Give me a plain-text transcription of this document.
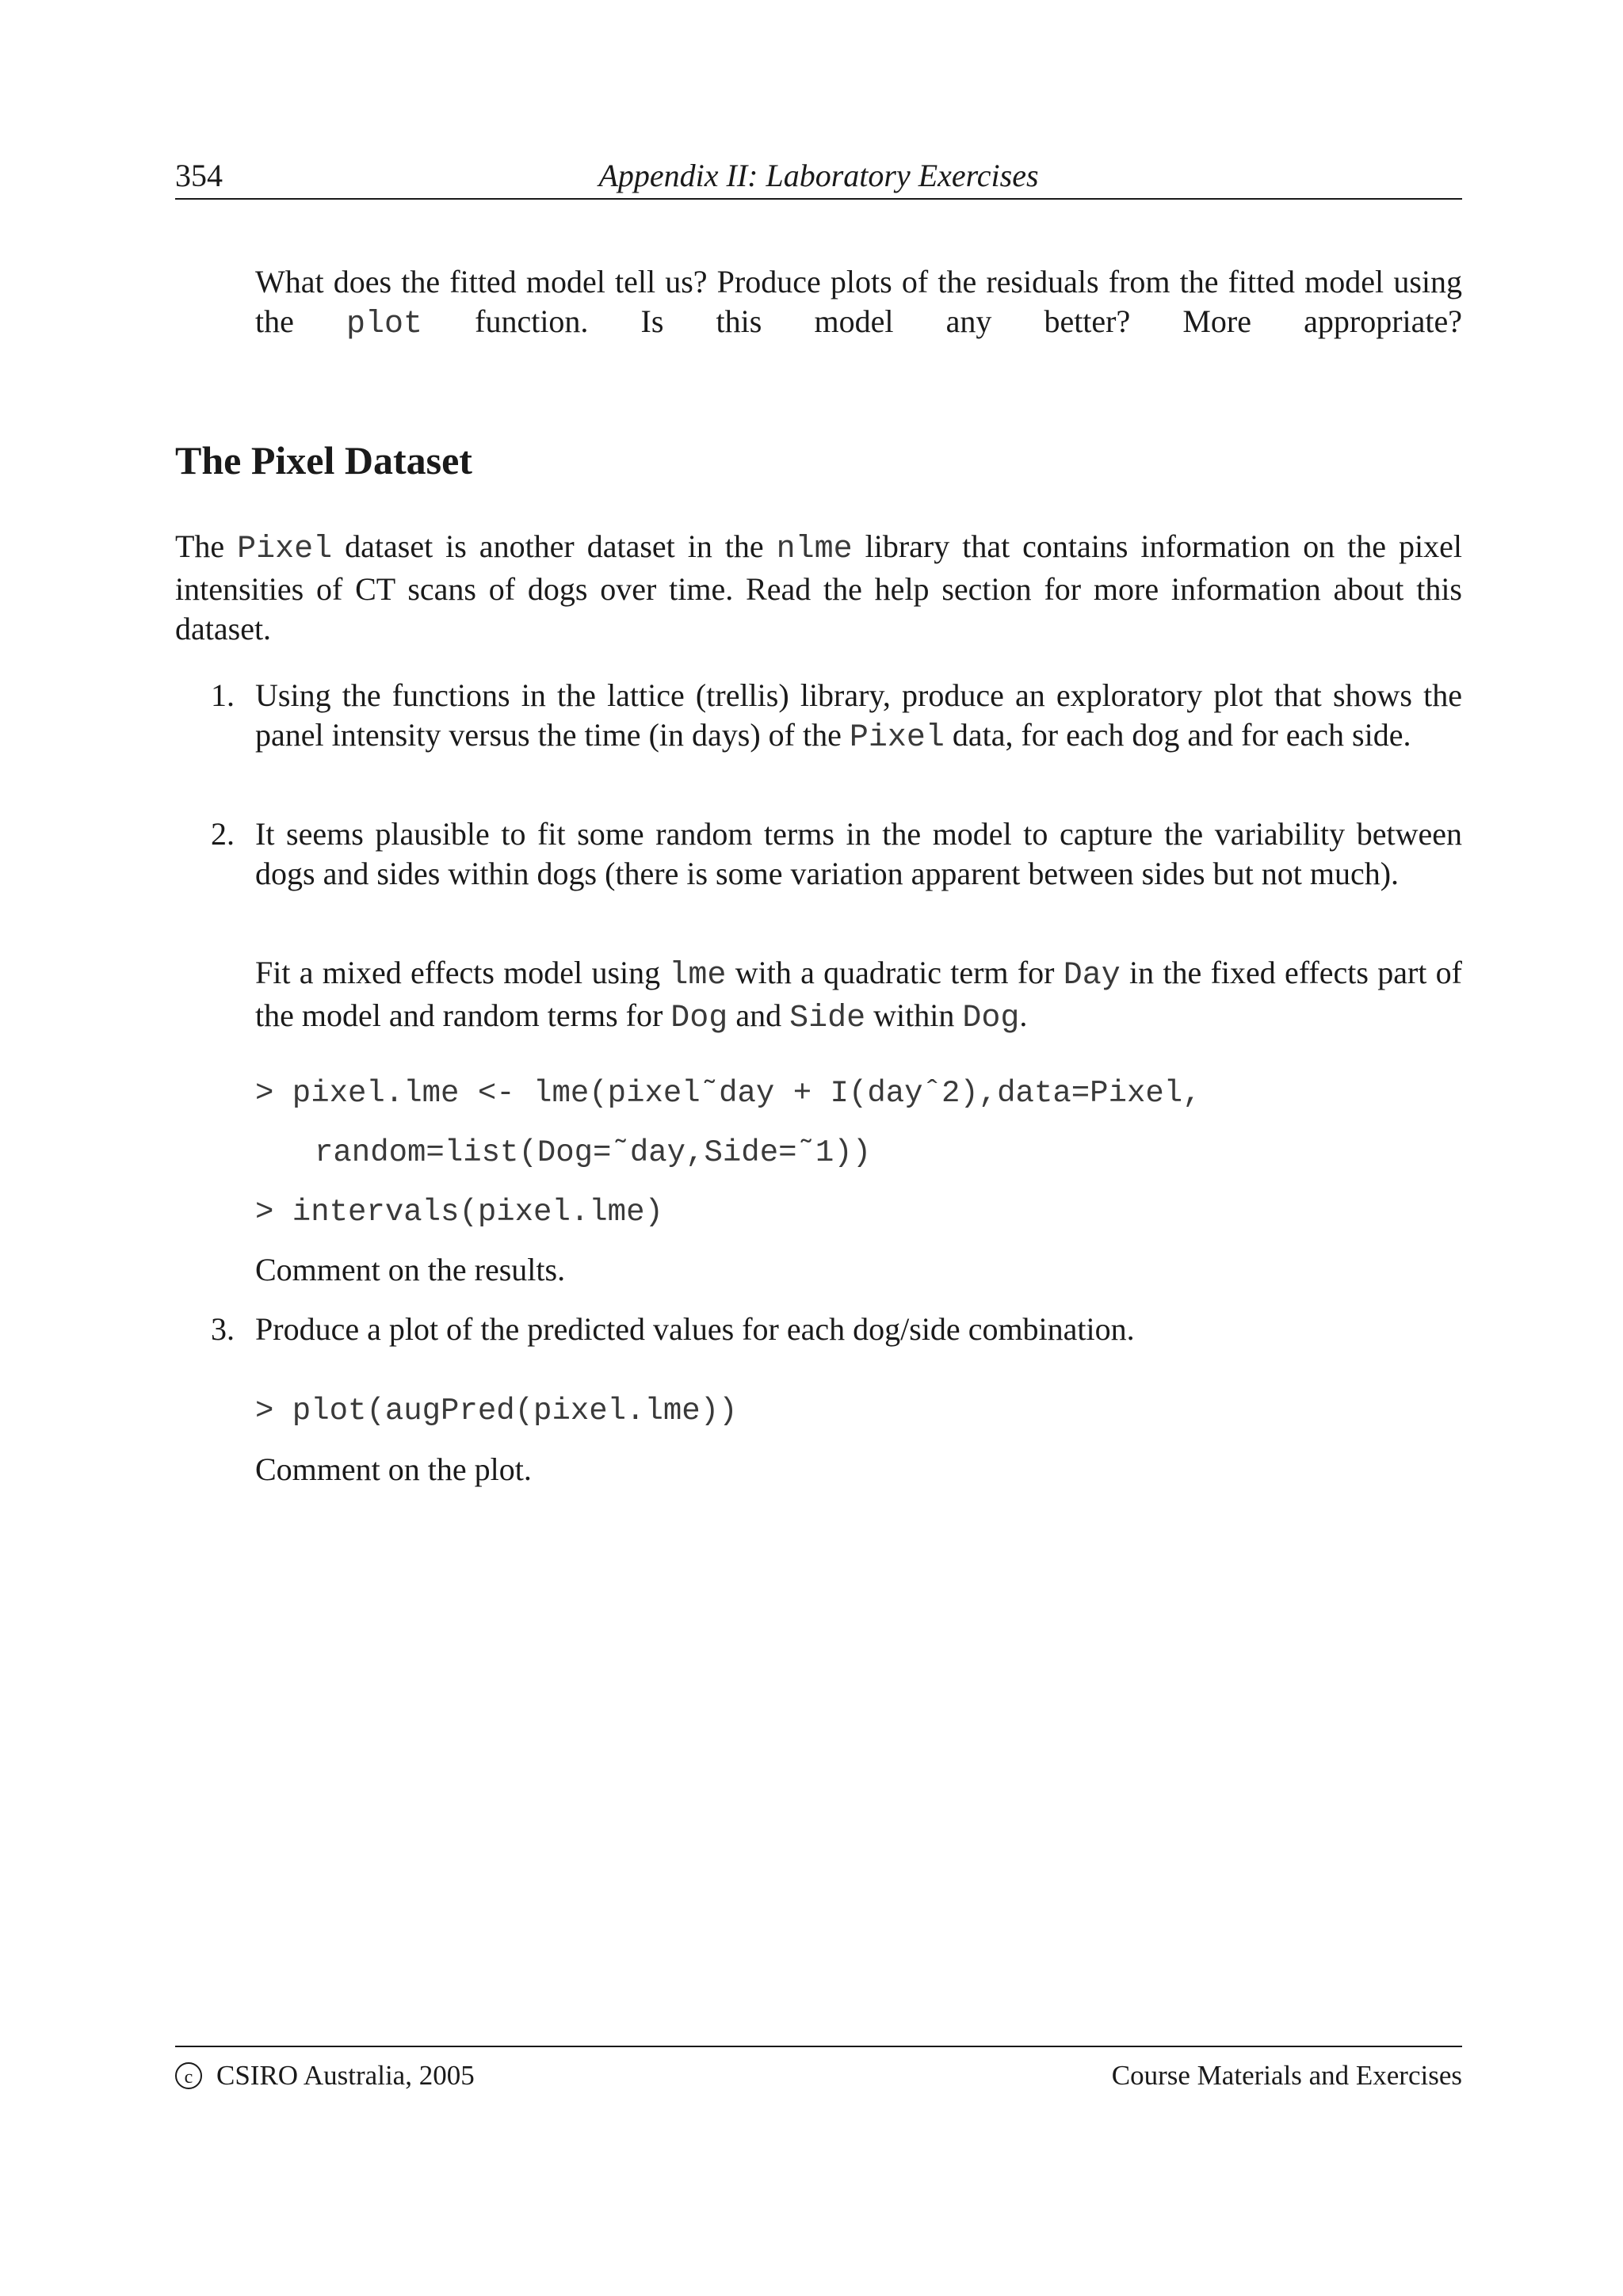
354	Appendix II: Laboratory Exercises
What does the fitted model tell us? Produce plots of the residuals from the fitted model using the plot function. Is this model any better? More appropriate?
The Pixel Dataset
The Pixel dataset is another dataset in the nlme library that contains information on the pixel intensities of CT scans of dogs over time. Read the help section for more information about this dataset.
1. Using the functions in the lattice (trellis) library, produce an exploratory plot that shows the panel intensity versus the time (in days) of the Pixel data, for each dog and for each side.
2. It seems plausible to fit some random terms in the model to capture the variability between dogs and sides within dogs (there is some variation apparent between sides but not much).
Fit a mixed effects model using lme with a quadratic term for Day in the fixed effects part of the model and random terms for Dog and Side within Dog.
> pixel.lme <- lme(pixel˜day + I(dayˆ2),data=Pixel,
random=list(Dog=˜day,Side=˜1))
> intervals(pixel.lme)
Comment on the results.
3. Produce a plot of the predicted values for each dog/side combination.
> plot(augPred(pixel.lme))
Comment on the plot.
c CSIRO Australia, 2005	Course Materials and Exercises
